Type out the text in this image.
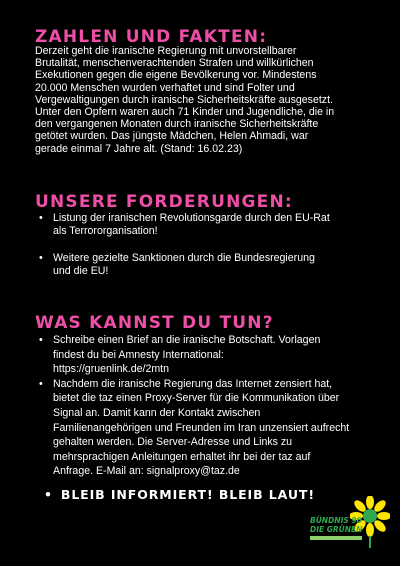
ZAHLEN UND FAKTEN:
Derzeit geht die iranische Regierung mit unvorstellbarer
Brutalität, menschenverachtenden Strafen und willkürlichen
Exekutionen gegen die eigene Bevölkerung vor. Mindestens
20.000 Menschen wurden verhaftet und sind Folter und
Vergewaltigungen durch iranische Sicherheitskräfte ausgesetzt.
Unter den Opfern waren auch 71 Kinder und Jugendliche, die in
den vergangenen Monaten durch iranische Sicherheitskräfte
getötet wurden. Das jüngste Mädchen, Helen Ahmadi, war
gerade einmal 7 Jahre alt. (Stand: 16.02.23)
UNSERE FORDERUNGEN:
• Listung der iranischen Revolutionsgarde durch den EU-Rat
als Terrororganisation!
• Weitere gezielte Sanktionen durch die Bundesregierung
und die EU!
WAS KANNST DU TUN?
• Schreibe einen Brief an die iranische Botschaft. Vorlagen
findest du bei Amnesty International:
https://gruenlink.de/2mtn
• Nachdem die iranische Regierung das Internet zensiert hat,
bietet die taz einen Proxy-Server für die Kommunikation über
Signal an. Damit kann der Kontakt zwischen
Familienangehörigen und Freunden im Iran unzensiert aufrecht
gehalten werden. Die Server-Adresse und Links zu
mehrsprachigen Anleitungen erhaltet ihr bei der taz auf
Anfrage. E-Mail an: signalproxy@taz.de
• BLEIB INFORMIERT! BLEIB LAUT!
BÜNDNIS 90
DIE GRÜNEN
